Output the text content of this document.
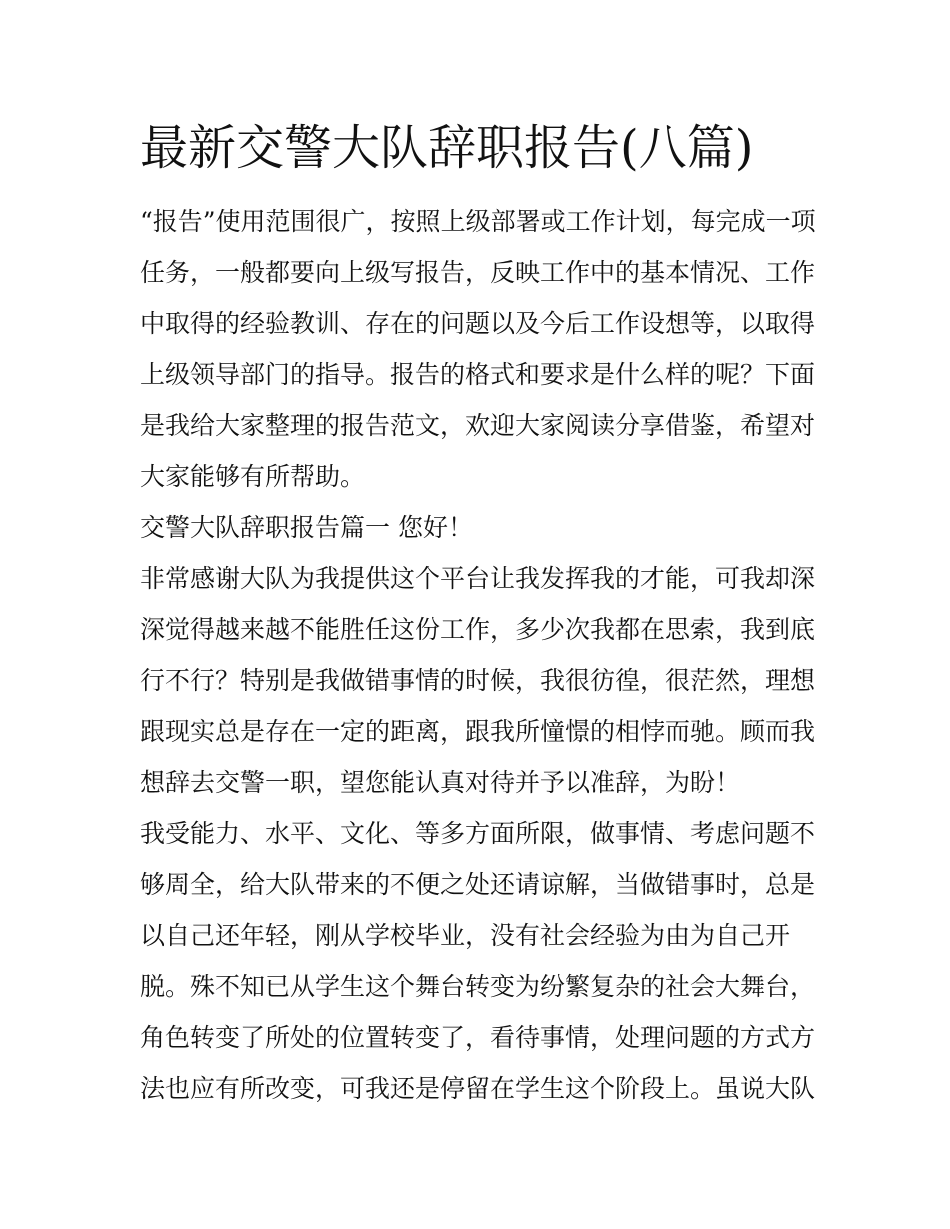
最新交警大队辞职报告(八篇)
“报告”使用范围很广，按照上级部署或工作计划，每完成一项
任务，一般都要向上级写报告，反映工作中的基本情况、工作
中取得的经验教训、存在的问题以及今后工作设想等，以取得
上级领导部门的指导。报告的格式和要求是什么样的呢？下面
是我给大家整理的报告范文，欢迎大家阅读分享借鉴，希望对
大家能够有所帮助。
交警大队辞职报告篇一 您好！
非常感谢大队为我提供这个平台让我发挥我的才能，可我却深
深觉得越来越不能胜任这份工作，多少次我都在思索，我到底
行不行？特别是我做错事情的时候，我很彷徨，很茫然，理想
跟现实总是存在一定的距离，跟我所憧憬的相悖而驰。顾而我
想辞去交警一职，望您能认真对待并予以准辞，为盼！
我受能力、水平、文化、等多方面所限，做事情、考虑问题不
够周全，给大队带来的不便之处还请谅解，当做错事时，总是
以自己还年轻，刚从学校毕业，没有社会经验为由为自己开
脱。殊不知已从学生这个舞台转变为纷繁复杂的社会大舞台，
角色转变了所处的位置转变了，看待事情，处理问题的方式方
法也应有所改变，可我还是停留在学生这个阶段上。虽说大队
